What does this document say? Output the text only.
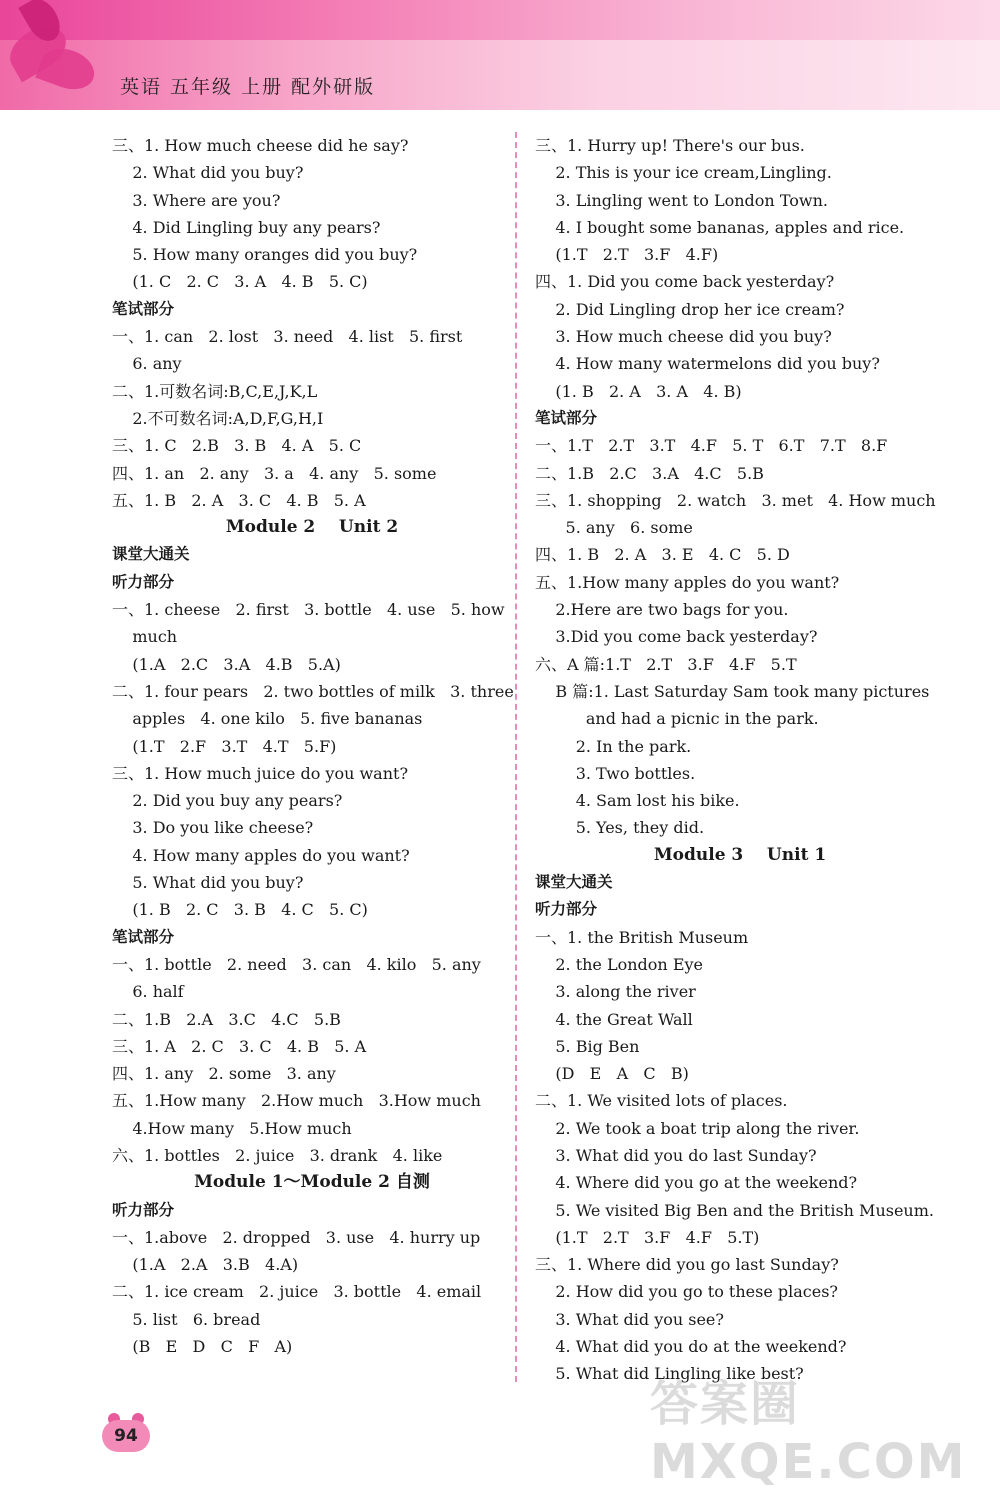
英语 五年级 上册 配外研版
三、1. How much cheese did he say?
2. What did you buy?
3. Where are you?
4. Did Lingling buy any pears?
5. How many oranges did you buy?
(1. C   2. C   3. A   4. B   5. C)
笔试部分
一、1. can   2. lost   3. need   4. list   5. first
6. any
二、1.可数名词:B,C,E,J,K,L
2.不可数名词:A,D,F,G,H,I
三、1. C   2.B   3. B   4. A   5. C
四、1. an   2. any   3. a   4. any   5. some
五、1. B   2. A   3. C   4. B   5. A
Module 2    Unit 2
课堂大通关
听力部分
一、1. cheese   2. first   3. bottle   4. use   5. how
much
(1.A   2.C   3.A   4.B   5.A)
二、1. four pears   2. two bottles of milk   3. three
apples   4. one kilo   5. five bananas
(1.T   2.F   3.T   4.T   5.F)
三、1. How much juice do you want?
2. Did you buy any pears?
3. Do you like cheese?
4. How many apples do you want?
5. What did you buy?
(1. B   2. C   3. B   4. C   5. C)
笔试部分
一、1. bottle   2. need   3. can   4. kilo   5. any
6. half
二、1.B   2.A   3.C   4.C   5.B
三、1. A   2. C   3. C   4. B   5. A
四、1. any   2. some   3. any
五、1.How many   2.How much   3.How much
4.How many   5.How much
六、1. bottles   2. juice   3. drank   4. like
Module 1～Module 2 自测
听力部分
一、1.above   2. dropped   3. use   4. hurry up
(1.A   2.A   3.B   4.A)
二、1. ice cream   2. juice   3. bottle   4. email
5. list   6. bread
(B   E   D   C   F   A)
三、1. Hurry up! There's our bus.
2. This is your ice cream,Lingling.
3. Lingling went to London Town.
4. I bought some bananas, apples and rice.
(1.T   2.T   3.F   4.F)
四、1. Did you come back yesterday?
2. Did Lingling drop her ice cream?
3. How much cheese did you buy?
4. How many watermelons did you buy?
(1. B   2. A   3. A   4. B)
笔试部分
一、1.T   2.T   3.T   4.F   5. T   6.T   7.T   8.F
二、1.B   2.C   3.A   4.C   5.B
三、1. shopping   2. watch   3. met   4. How much
5. any   6. some
四、1. B   2. A   3. E   4. C   5. D
五、1.How many apples do you want?
2.Here are two bags for you.
3.Did you come back yesterday?
六、A 篇:1.T   2.T   3.F   4.F   5.T
B 篇:1. Last Saturday Sam took many pictures
and had a picnic in the park.
2. In the park.
3. Two bottles.
4. Sam lost his bike.
5. Yes, they did.
Module 3    Unit 1
课堂大通关
听力部分
一、1. the British Museum
2. the London Eye
3. along the river
4. the Great Wall
5. Big Ben
(D   E   A   C   B)
二、1. We visited lots of places.
2. We took a boat trip along the river.
3. What did you do last Sunday?
4. Where did you go at the weekend?
5. We visited Big Ben and the British Museum.
(1.T   2.T   3.F   4.F   5.T)
三、1. Where did you go last Sunday?
2. How did you go to these places?
3. What did you see?
4. What did you do at the weekend?
5. What did Lingling like best?
94
答案圈 MXQE.COM
